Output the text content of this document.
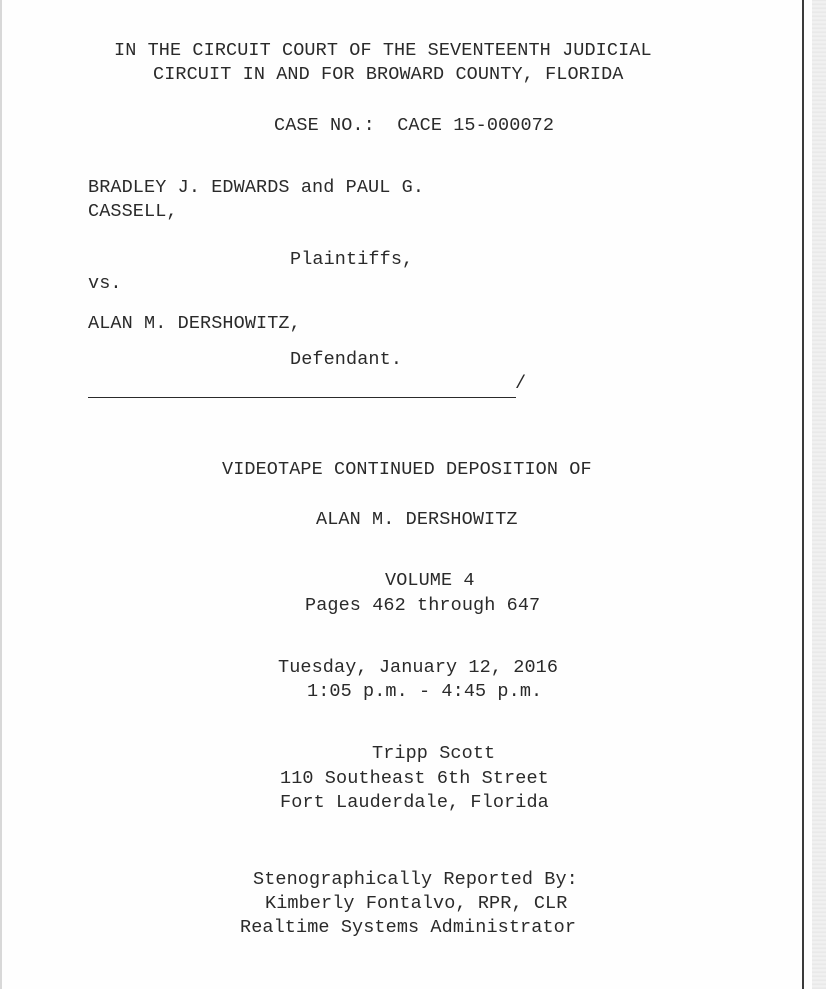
IN THE CIRCUIT COURT OF THE SEVENTEENTH JUDICIAL
CIRCUIT IN AND FOR BROWARD COUNTY, FLORIDA
CASE NO.:  CACE 15-000072
BRADLEY J. EDWARDS and PAUL G.
CASSELL,
Plaintiffs,
vs.
ALAN M. DERSHOWITZ,
Defendant.
/
VIDEOTAPE CONTINUED DEPOSITION OF
ALAN M. DERSHOWITZ
VOLUME 4
Pages 462 through 647
Tuesday, January 12, 2016
1:05 p.m. - 4:45 p.m.
Tripp Scott
110 Southeast 6th Street
Fort Lauderdale, Florida
Stenographically Reported By:
Kimberly Fontalvo, RPR, CLR
Realtime Systems Administrator
